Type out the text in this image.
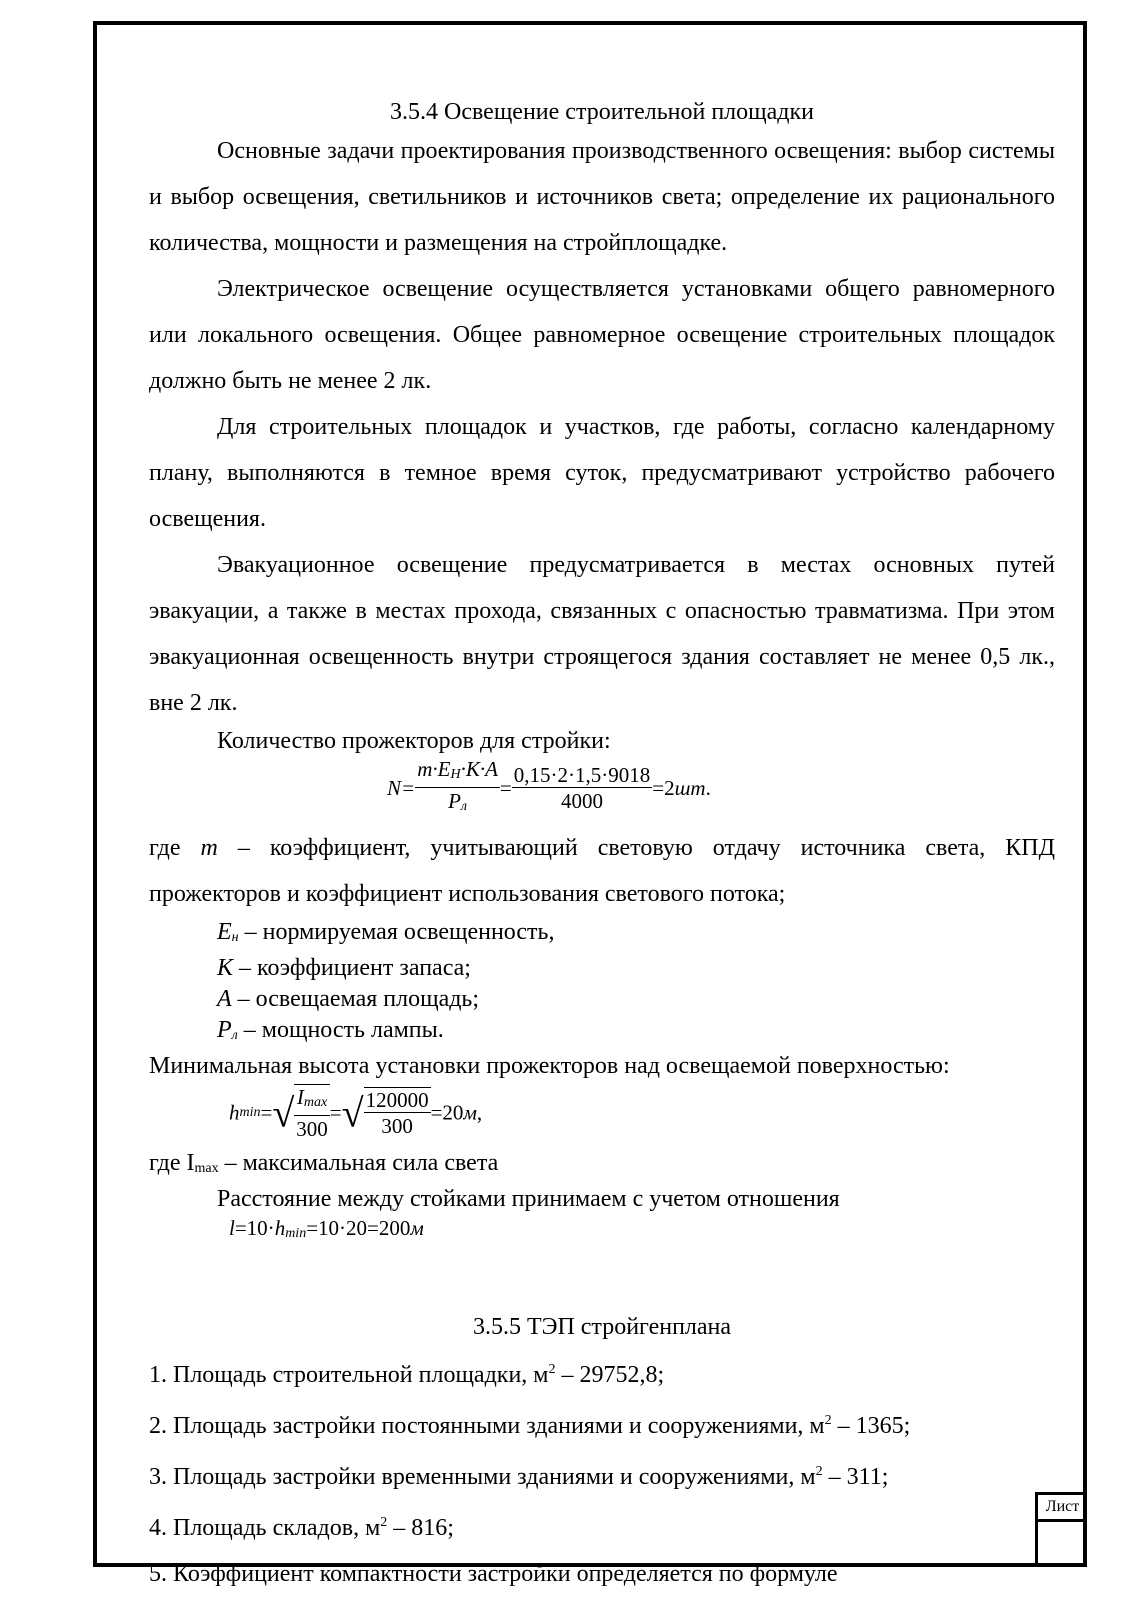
Лист
3.5.4 Освещение строительной площадки

Основные задачи проектирования производственного освещения: выбор системы и выбор освещения, светильников и источников света; определение их рационального количества, мощности и размещения на стройплощадке.

Электрическое освещение осуществляется установками общего равномерного или локального освещения. Общее равномерное освещение строительных площадок должно быть не менее 2 лк.

Для строительных площадок и участков, где работы, согласно календарному плану, выполняются в темное время суток, предусматривают устройство рабочего освещения.

Эвакуационное освещение предусматривается в местах основных путей эвакуации, а также в местах прохода, связанных с опасностью травматизма. При этом эвакуационная освещенность внутри строящегося здания составляет не менее 0,5 лк., вне 2 лк.

Количество прожекторов для стройки:

$N= \frac{m\cdot EН\cdot K\cdot A}{Pл} = \frac{0,15\cdot 2\cdot 1,5\cdot 9018}{4000} =2шт$.

где m – коэффициент, учитывающий световую отдачу источника света, КПД прожекторов и коэффициент использования светового потока;

Eн – нормируемая освещенность,

K – коэффициент запаса;

A – освещаемая площадь;

Pл – мощность лампы.

Минимальная высота установки прожекторов над освещаемой поверхностью:

$hmin=√ \frac{Imax}{300}$ =√ $\frac{120000}{300} =20м$,

где Imax – максимальная сила света

Расстояние между стойками принимаем с учетом отношения

l=10·hmin=10·20=200м

3.5.5 ТЭП стройгенплана

1. Площадь строительной площадки, $м^2 - 29752,8$;

2. Площадь застройки постоянными зданиями и сооружениями, $м^2 - 1365$;

3. Площадь застройки временными зданиями и сооружениями, $м^2 - 311$;

4. Площадь складов, $м^2 - 816$;

5. Коэффициент компактности застройки определяется по формуле
